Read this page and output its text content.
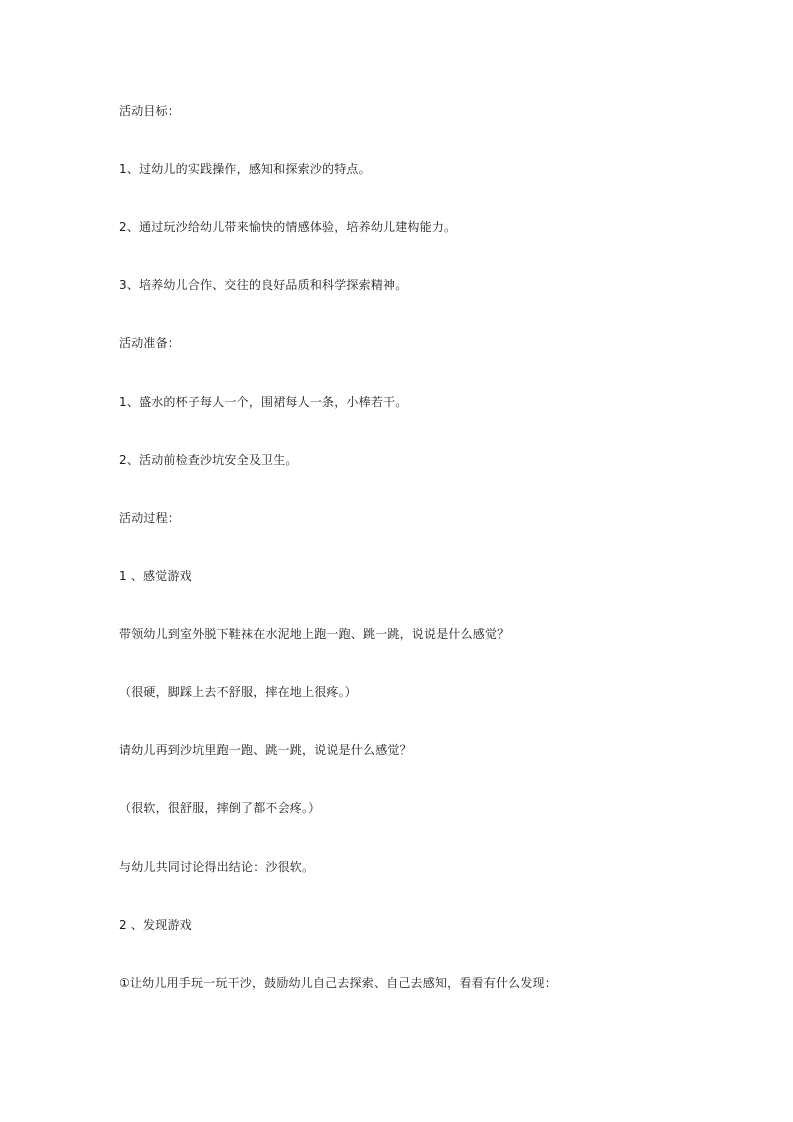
活动目标：
1、过幼儿的实践操作，感知和探索沙的特点。
2、通过玩沙给幼儿带来愉快的情感体验，培养幼儿建构能力。
3、培养幼儿合作、交往的良好品质和科学探索精神。
活动准备：
1、盛水的杯子每人一个，围裙每人一条，小棒若干。
2、活动前检查沙坑安全及卫生。
活动过程：
1 、感觉游戏
带领幼儿到室外脱下鞋袜在水泥地上跑一跑、跳一跳，说说是什么感觉？
（很硬，脚踩上去不舒服，摔在地上很疼。）
请幼儿再到沙坑里跑一跑、跳一跳，说说是什么感觉？
（很软，很舒服，摔倒了都不会疼。）
与幼儿共同讨论得出结论：沙很软。
2 、发现游戏
①让幼儿用手玩一玩干沙，鼓励幼儿自己去探索、自己去感知，看看有什么发现：
